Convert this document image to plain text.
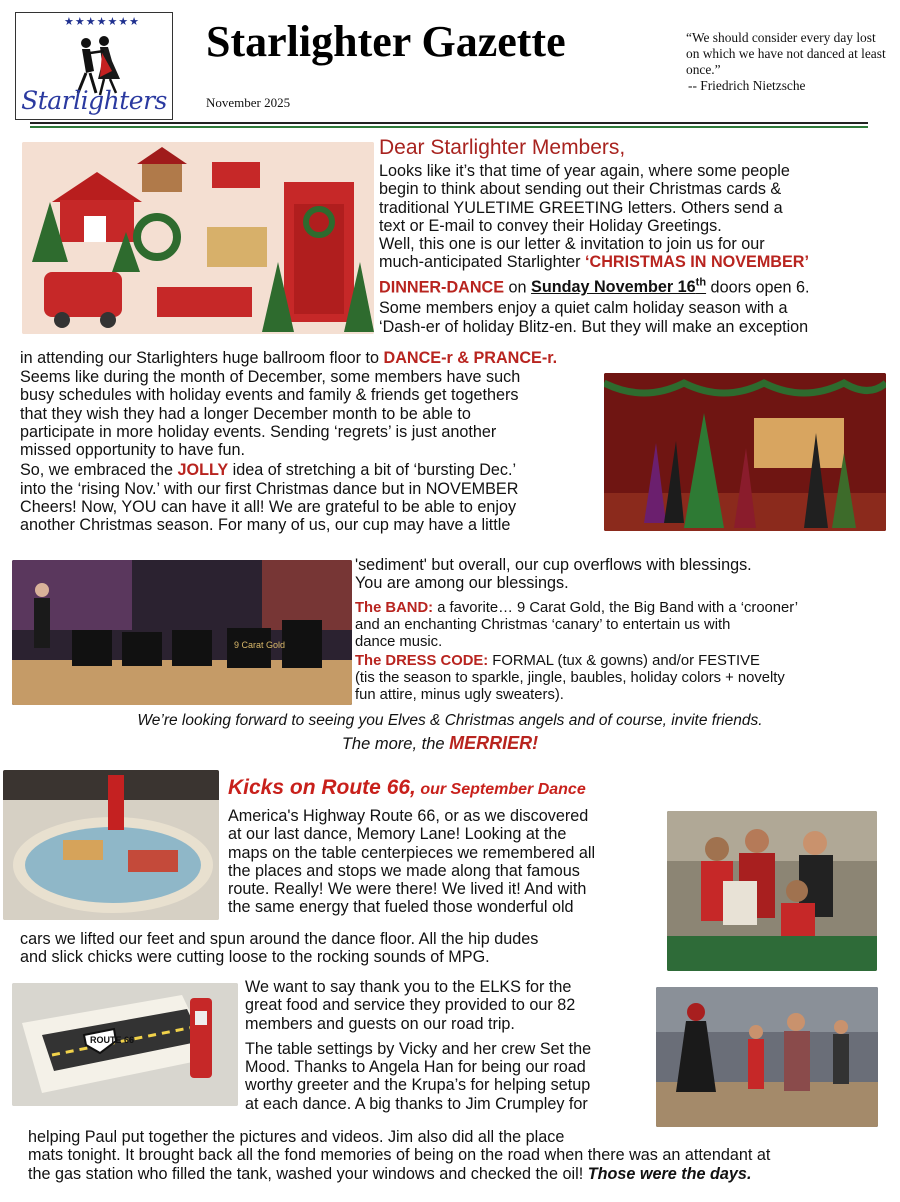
★★★★★★★
Starlighters
Starlighter Gazette
November 2025
“We should consider every day lost on which we have not danced at least once.”
-- Friedrich Nietzsche
9 Carat Gold
ROUTE 66
Dear Starlighter Members,
Looks like it’s that time of year again, where some people
begin to think about sending out their Christmas cards &
traditional YULETIME GREETING letters. Others send a
text or E-mail to convey their Holiday Greetings.
Well, this one is our letter & invitation to join us for our
much-anticipated Starlighter ‘CHRISTMAS IN NOVEMBER’
DINNER-DANCE on Sunday November 16th doors open 6.
Some members enjoy a quiet calm holiday season with a
‘Dash-er of holiday Blitz-en. But they will make an exception
in attending our Starlighters huge ballroom floor to DANCE-r & PRANCE-r.
Seems like during the month of December, some members have such
busy schedules with holiday events and family & friends get togethers
that they wish they had a longer December month to be able to
participate in more holiday events. Sending ‘regrets’ is just another
missed opportunity to have fun.
So, we embraced the JOLLY idea of stretching a bit of ‘bursting Dec.’
into the ‘rising Nov.’ with our first Christmas dance but in NOVEMBER
Cheers! Now, YOU can have it all! We are grateful to be able to enjoy
another Christmas season. For many of us, our cup may have a little
'sediment' but overall, our cup overflows with blessings.
You are among our blessings.
The BAND: a favorite… 9 Carat Gold, the Big Band with a ‘crooner’
and an enchanting Christmas ‘canary’ to entertain us with
dance music.
The DRESS CODE: FORMAL (tux & gowns) and/or FESTIVE
(tis the season to sparkle, jingle, baubles, holiday colors + novelty
fun attire, minus ugly sweaters).
We’re looking forward to seeing you Elves & Christmas angels and of course, invite friends.
The more, the MERRIER!
Kicks on Route 66, our September Dance
America's Highway Route 66, or as we discovered
at our last dance, Memory Lane! Looking at the
maps on the table centerpieces we remembered all
the places and stops we made along that famous
route. Really! We were there! We lived it! And with
the same energy that fueled those wonderful old
cars we lifted our feet and spun around the dance floor. All the hip dudes
and slick chicks were cutting loose to the rocking sounds of MPG.
We want to say thank you to the ELKS for the
great food and service they provided to our 82
members and guests on our road trip.
The table settings by Vicky and her crew Set the
Mood. Thanks to Angela Han for being our road
worthy greeter and the Krupa’s for helping setup
at each dance. A big thanks to Jim Crumpley for
helping Paul put together the pictures and videos. Jim also did all the place
mats tonight. It brought back all the fond memories of being on the road when there was an attendant at
the gas station who filled the tank, washed your windows and checked the oil! Those were the days.
